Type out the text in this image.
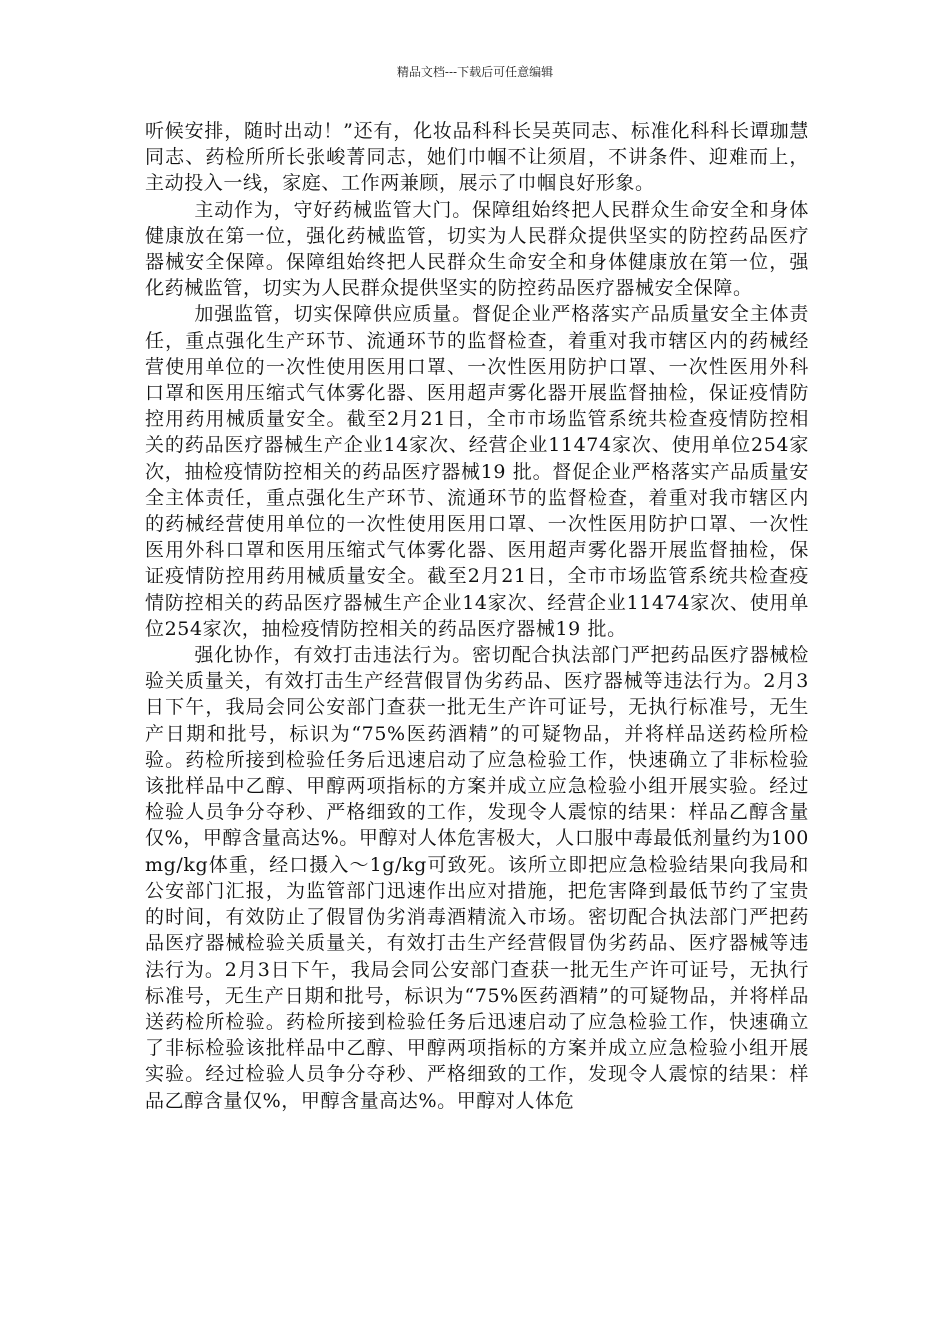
精品文档---下载后可任意编辑

听候安排，随时出动！”还有，化妆品科科长吴英同志、标准化科科长谭珈慧同志、药检所所长张峻菁同志，她们巾帼不让须眉，不讲条件、迎难而上，主动投入一线，家庭、工作两兼顾，展示了巾帼良好形象。

主动作为，守好药械监管大门。保障组始终把人民群众生命安全和身体健康放在第一位，强化药械监管，切实为人民群众提供坚实的防控药品医疗器械安全保障。保障组始终把人民群众生命安全和身体健康放在第一位，强化药械监管，切实为人民群众提供坚实的防控药品医疗器械安全保障。

加强监管，切实保障供应质量。督促企业严格落实产品质量安全主体责任，重点强化生产环节、流通环节的监督检查，着重对我市辖区内的药械经营使用单位的一次性使用医用口罩、一次性医用防护口罩、一次性医用外科口罩和医用压缩式气体雾化器、医用超声雾化器开展监督抽检，保证疫情防控用药用械质量安全。截至2月21日，全市市场监管系统共检查疫情防控相关的药品医疗器械生产企业14家次、经营企业11474家次、使用单位254家次，抽检疫情防控相关的药品医疗器械19 批。督促企业严格落实产品质量安全主体责任，重点强化生产环节、流通环节的监督检查，着重对我市辖区内的药械经营使用单位的一次性使用医用口罩、一次性医用防护口罩、一次性医用外科口罩和医用压缩式气体雾化器、医用超声雾化器开展监督抽检，保证疫情防控用药用械质量安全。截至2月21日，全市市场监管系统共检查疫情防控相关的药品医疗器械生产企业14家次、经营企业11474家次、使用单位254家次，抽检疫情防控相关的药品医疗器械19 批。

强化协作，有效打击违法行为。密切配合执法部门严把药品医疗器械检验关质量关，有效打击生产经营假冒伪劣药品、医疗器械等违法行为。2月3日下午，我局会同公安部门查获一批无生产许可证号，无执行标准号，无生产日期和批号，标识为“75%医药酒精”的可疑物品，并将样品送药检所检验。药检所接到检验任务后迅速启动了应急检验工作，快速确立了非标检验该批样品中乙醇、甲醇两项指标的方案并成立应急检验小组开展实验。经过检验人员争分夺秒、严格细致的工作，发现令人震惊的结果：样品乙醇含量仅%，甲醇含量高达%。甲醇对人体危害极大，人口服中毒最低剂量约为100mg/kg体重，经口摄入～1g/kg可致死。该所立即把应急检验结果向我局和公安部门汇报，为监管部门迅速作出应对措施，把危害降到最低节约了宝贵的时间，有效防止了假冒伪劣消毒酒精流入市场。密切配合执法部门严把药品医疗器械检验关质量关，有效打击生产经营假冒伪劣药品、医疗器械等违法行为。2月3日下午，我局会同公安部门查获一批无生产许可证号，无执行标准号，无生产日期和批号，标识为“75%医药酒精”的可疑物品，并将样品送药检所检验。药检所接到检验任务后迅速启动了应急检验工作，快速确立了非标检验该批样品中乙醇、甲醇两项指标的方案并成立应急检验小组开展实验。经过检验人员争分夺秒、严格细致的工作，发现令人震惊的结果：样品乙醇含量仅%，甲醇含量高达%。甲醇对人体危
